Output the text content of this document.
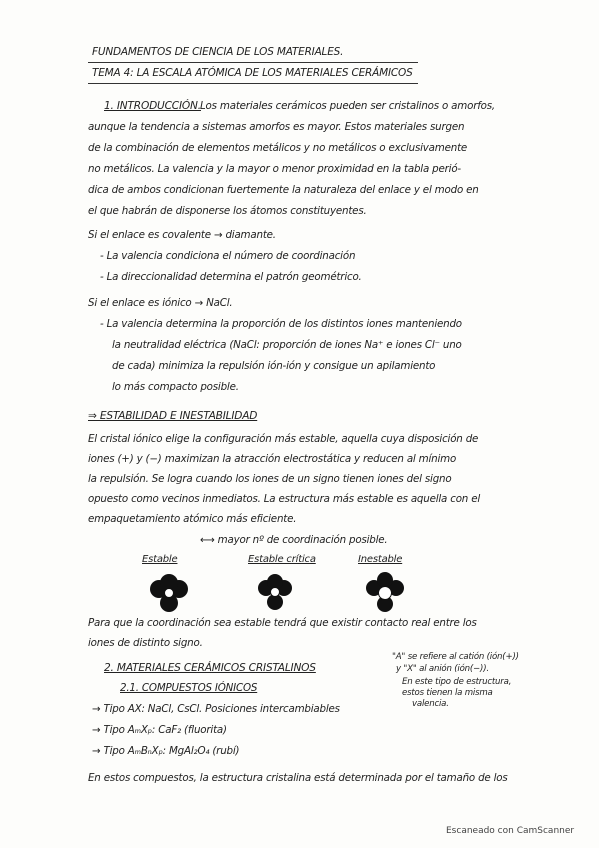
FUNDAMENTOS DE CIENCIA DE LOS MATERIALES.
TEMA 4: LA ESCALA ATÓMICA DE LOS MATERIALES CERÁMICOS
1. INTRODUCCIÓN. Los materiales cerámicos pueden ser cristalinos o amorfos,
aunque la tendencia a sistemas amorfos es mayor. Estos materiales surgen
de la combinación de elementos metálicos y no metálicos o exclusivamente
no metálicos. La valencia y la mayor o menor proximidad en la tabla perió-
dica de ambos condicionan fuertemente la naturaleza del enlace y el modo en
el que habrán de disponerse los átomos constituyentes.
Si el enlace es covalente → diamante.
- La valencia condiciona el número de coordinación
- La direccionalidad determina el patrón geométrico.
Si el enlace es iónico → NaCl.
- La valencia determina la proporción de los distintos iones manteniendo
la neutralidad eléctrica (NaCl: proporción de iones Na⁺ e iones Cl⁻ uno
de cada) minimiza la repulsión ión-ión y consigue un apilamiento
lo más compacto posible.
⇒ ESTABILIDAD E INESTABILIDAD
El cristal iónico elige la configuración más estable, aquella cuya disposición de
iones (+) y (−) maximizan la atracción electrostática y reducen al mínimo
la repulsión. Se logra cuando los iones de un signo tienen iones del signo
opuesto como vecinos inmediatos. La estructura más estable es aquella con el
empaquetamiento atómico más eficiente.
⟷ mayor nº de coordinación posible.
Estable	Estable crítica	Inestable
Para que la coordinación sea estable tendrá que existir contacto real entre los
iones de distinto signo.
2. MATERIALES CERÁMICOS CRISTALINOS
2.1. COMPUESTOS IÓNICOS
→ Tipo AX: NaCl, CsCl. Posiciones intercambiables
→ Tipo AₘXₚ: CaF₂ (fluorita)
→ Tipo AₘBₙXₚ: MgAl₂O₄ (rubí)
"A" se refiere al catión (ión(+))
y "X" al anión (ión(−)).
En este tipo de estructura,
estos tienen la misma
valencia.
En estos compuestos, la estructura cristalina está determinada por el tamaño de los
Escaneado con CamScanner
